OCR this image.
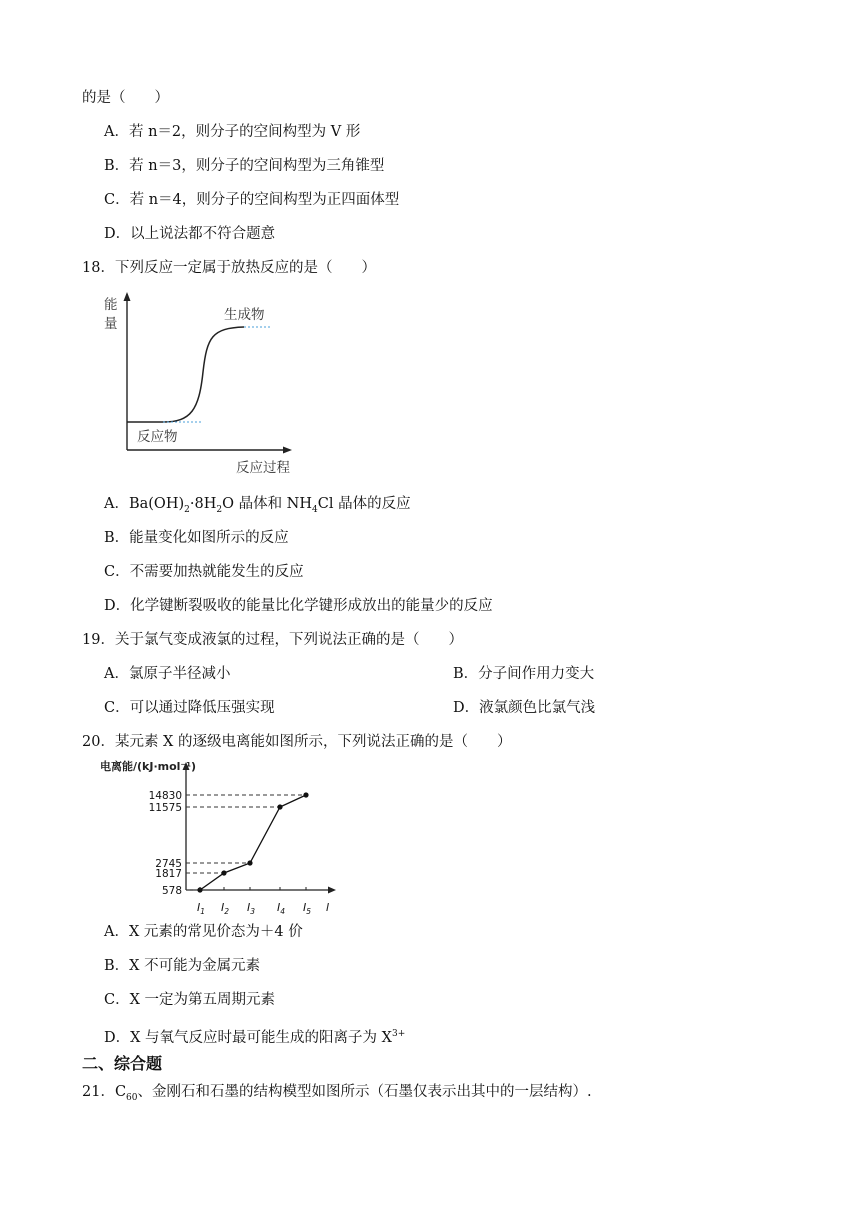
的是（　　）
A．若 n＝2，则分子的空间构型为 V 形
B．若 n＝3，则分子的空间构型为三角锥型
C．若 n＝4，则分子的空间构型为正四面体型
D．以上说法都不符合题意
18．下列反应一定属于放热反应的是（　　）
能
量
生成物
反应物
反应过程
A．$Ba(OH)_2\cdot 8H_2O$ 晶体和 $NH_4Cl$ 晶体的反应
B．能量变化如图所示的反应
C．不需要加热就能发生的反应
D．化学键断裂吸收的能量比化学键形成放出的能量少的反应
19．关于氯气变成液氯的过程，下列说法正确的是（　　）
A．氯原子半径减小	B．分子间作用力变大
C．可以通过降低压强实现	D．液氯颜色比氯气浅
20．某元素 X 的逐级电离能如图所示，下列说法正确的是（　　）
电离能/(kJ·mol⁻¹)
I
578
1817
2745
11575
14830
$I_1$ $I_2$ $I_3$ $I_4$ $I_5$
A．X 元素的常见价态为＋4 价
B．X 不可能为金属元素
C．X 一定为第五周期元素
D．X 与氧气反应时最可能生成的阳离子为 $X^{3+}$
二、综合题
21．$C_{60}$、金刚石和石墨的结构模型如图所示（石墨仅表示出其中的一层结构）.
